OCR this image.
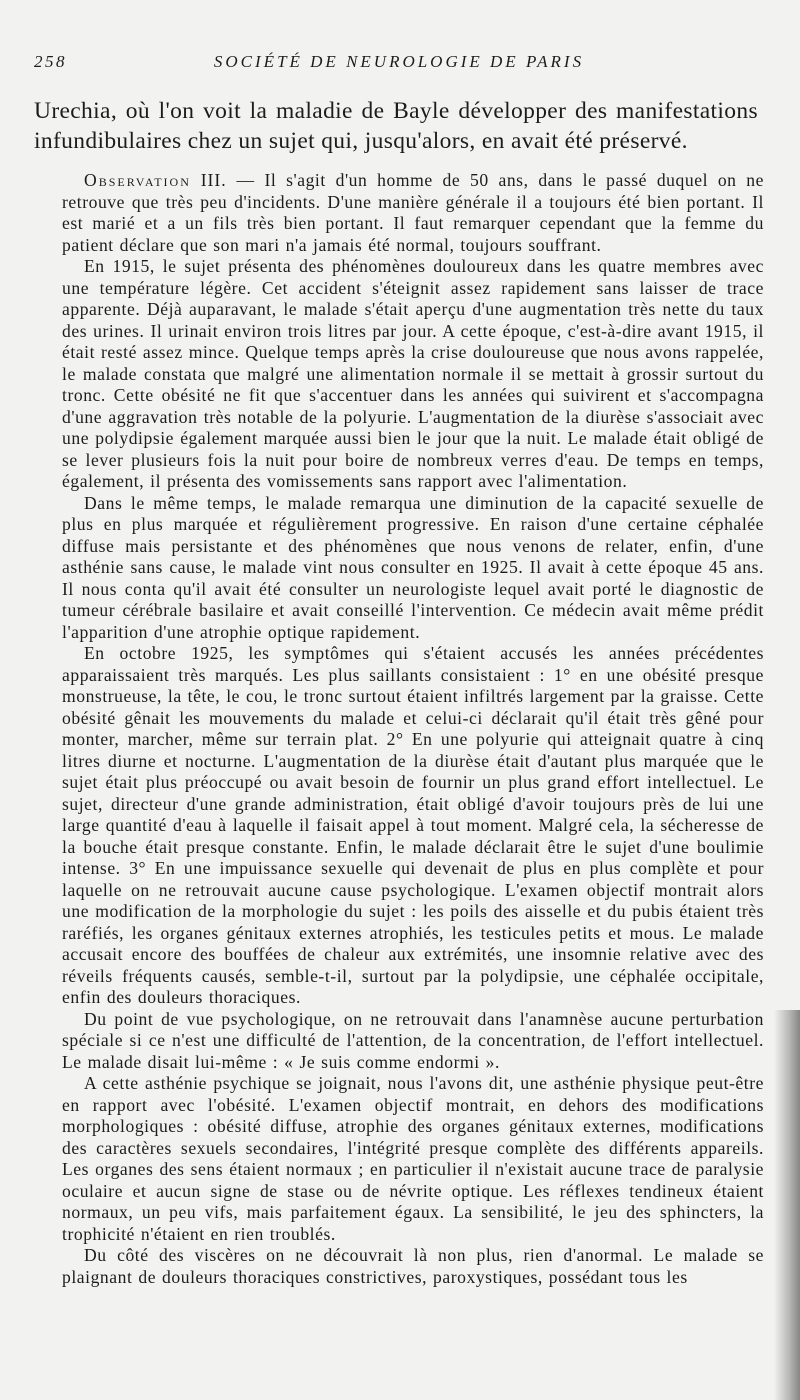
258	SOCIÉTÉ DE NEUROLOGIE DE PARIS
Urechia, où l'on voit la maladie de Bayle développer des manifestations infundibulaires chez un sujet qui, jusqu'alors, en avait été préservé.

Observation III. — Il s'agit d'un homme de 50 ans, dans le passé duquel on ne retrouve que très peu d'incidents. D'une manière générale il a toujours été bien portant. Il est marié et a un fils très bien portant. Il faut remarquer cependant que la femme du patient déclare que son mari n'a jamais été normal, toujours souffrant.

En 1915, le sujet présenta des phénomènes douloureux dans les quatre membres avec une température légère. Cet accident s'éteignit assez rapidement sans laisser de trace apparente. Déjà auparavant, le malade s'était aperçu d'une augmentation très nette du taux des urines. Il urinait environ trois litres par jour. A cette époque, c'est-à-dire avant 1915, il était resté assez mince. Quelque temps après la crise douloureuse que nous avons rappelée, le malade constata que malgré une alimentation normale il se mettait à grossir surtout du tronc. Cette obésité ne fit que s'accentuer dans les années qui suivirent et s'accompagna d'une aggravation très notable de la polyurie. L'augmentation de la diurèse s'associait avec une polydipsie également marquée aussi bien le jour que la nuit. Le malade était obligé de se lever plusieurs fois la nuit pour boire de nombreux verres d'eau. De temps en temps, également, il présenta des vomissements sans rapport avec l'alimentation.

Dans le même temps, le malade remarqua une diminution de la capacité sexuelle de plus en plus marquée et régulièrement progressive. En raison d'une certaine céphalée diffuse mais persistante et des phénomènes que nous venons de relater, enfin, d'une asthénie sans cause, le malade vint nous consulter en 1925. Il avait à cette époque 45 ans. Il nous conta qu'il avait été consulter un neurologiste lequel avait porté le diagnostic de tumeur cérébrale basilaire et avait conseillé l'intervention. Ce médecin avait même prédit l'apparition d'une atrophie optique rapidement.

En octobre 1925, les symptômes qui s'étaient accusés les années précédentes apparaissaient très marqués. Les plus saillants consistaient : 1° en une obésité presque monstrueuse, la tête, le cou, le tronc surtout étaient infiltrés largement par la graisse. Cette obésité gênait les mouvements du malade et celui-ci déclarait qu'il était très gêné pour monter, marcher, même sur terrain plat. 2° En une polyurie qui atteignait quatre à cinq litres diurne et nocturne. L'augmentation de la diurèse était d'autant plus marquée que le sujet était plus préoccupé ou avait besoin de fournir un plus grand effort intellectuel. Le sujet, directeur d'une grande administration, était obligé d'avoir toujours près de lui une large quantité d'eau à laquelle il faisait appel à tout moment. Malgré cela, la sécheresse de la bouche était presque constante. Enfin, le malade déclarait être le sujet d'une boulimie intense. 3° En une impuissance sexuelle qui devenait de plus en plus complète et pour laquelle on ne retrouvait aucune cause psychologique. L'examen objectif montrait alors une modification de la morphologie du sujet : les poils des aisselle et du pubis étaient très raréfiés, les organes génitaux externes atrophiés, les testicules petits et mous. Le malade accusait encore des bouffées de chaleur aux extrémités, une insomnie relative avec des réveils fréquents causés, semble-t-il, surtout par la polydipsie, une céphalée occipitale, enfin des douleurs thoraciques.

Du point de vue psychologique, on ne retrouvait dans l'anamnèse aucune perturbation spéciale si ce n'est une difficulté de l'attention, de la concentration, de l'effort intellectuel. Le malade disait lui-même : « Je suis comme endormi ».

A cette asthénie psychique se joignait, nous l'avons dit, une asthénie physique peut-être en rapport avec l'obésité. L'examen objectif montrait, en dehors des modifications morphologiques : obésité diffuse, atrophie des organes génitaux externes, modifications des caractères sexuels secondaires, l'intégrité presque complète des différents appareils. Les organes des sens étaient normaux ; en particulier il n'existait aucune trace de paralysie oculaire et aucun signe de stase ou de névrite optique. Les réflexes tendineux étaient normaux, un peu vifs, mais parfaitement égaux. La sensibilité, le jeu des sphincters, la trophicité n'étaient en rien troublés.

Du côté des viscères on ne découvrait là non plus, rien d'anormal. Le malade se plaignant de douleurs thoraciques constrictives, paroxystiques, possédant tous les
